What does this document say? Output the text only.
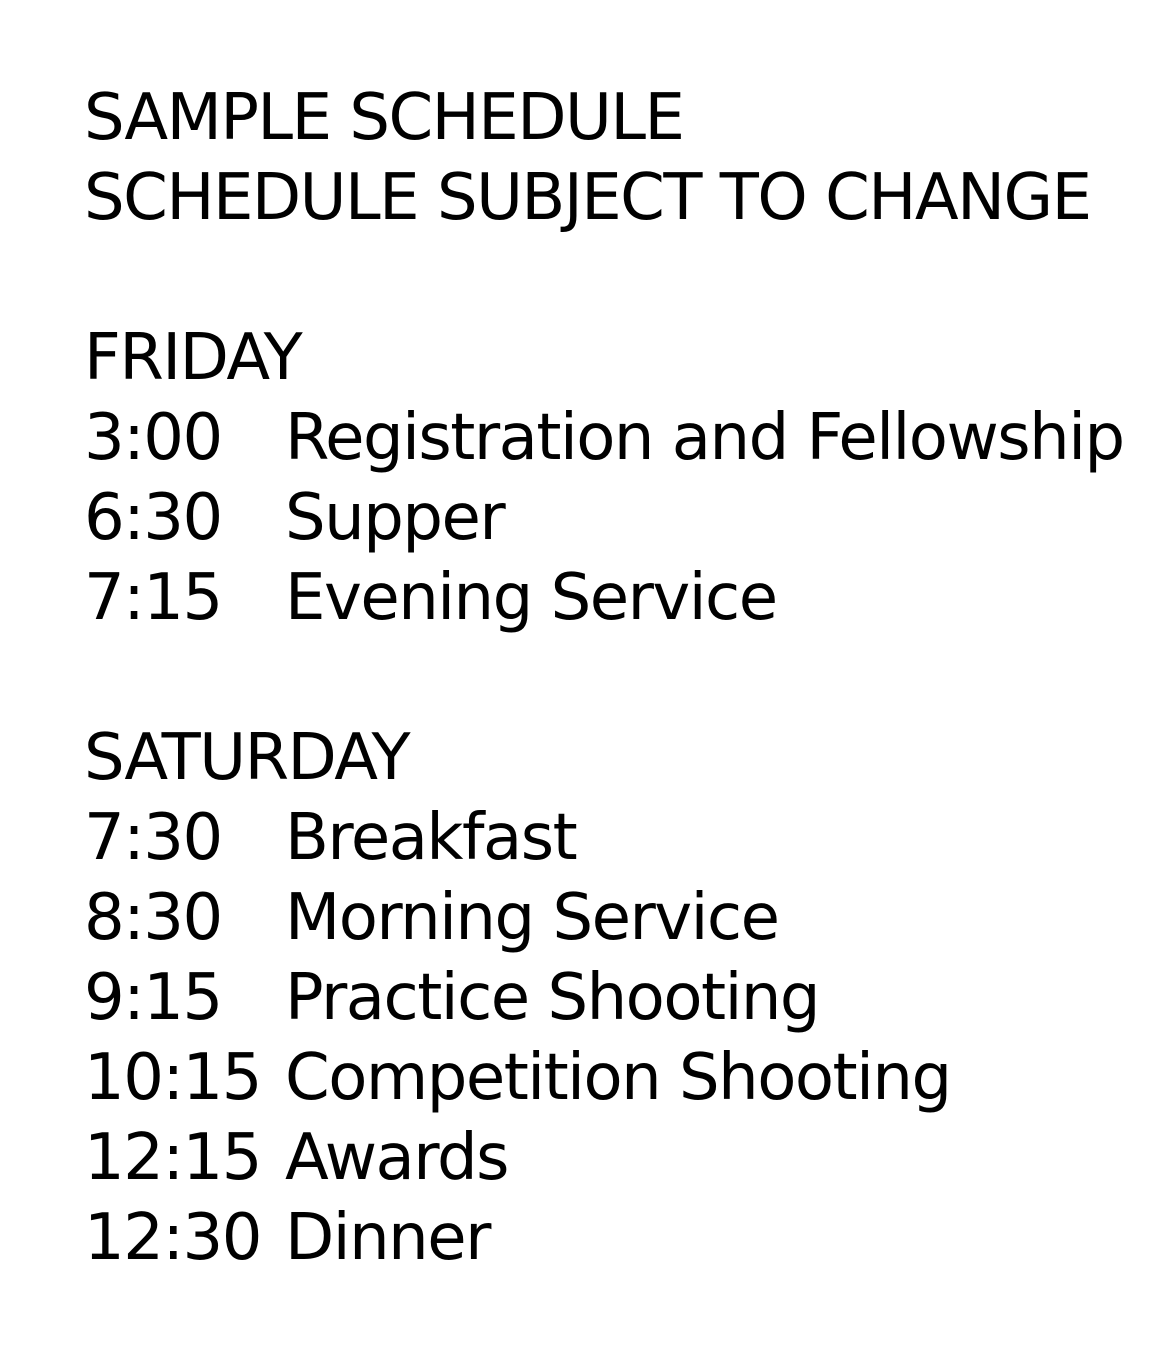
SAMPLE SCHEDULE
SCHEDULE SUBJECT TO CHANGE
FRIDAY
3:00 Registration and Fellowship
6:30 Supper
7:15 Evening Service
SATURDAY
7:30 Breakfast
8:30 Morning Service
9:15 Practice Shooting
10:15 Competition Shooting
12:15 Awards
12:30 Dinner
